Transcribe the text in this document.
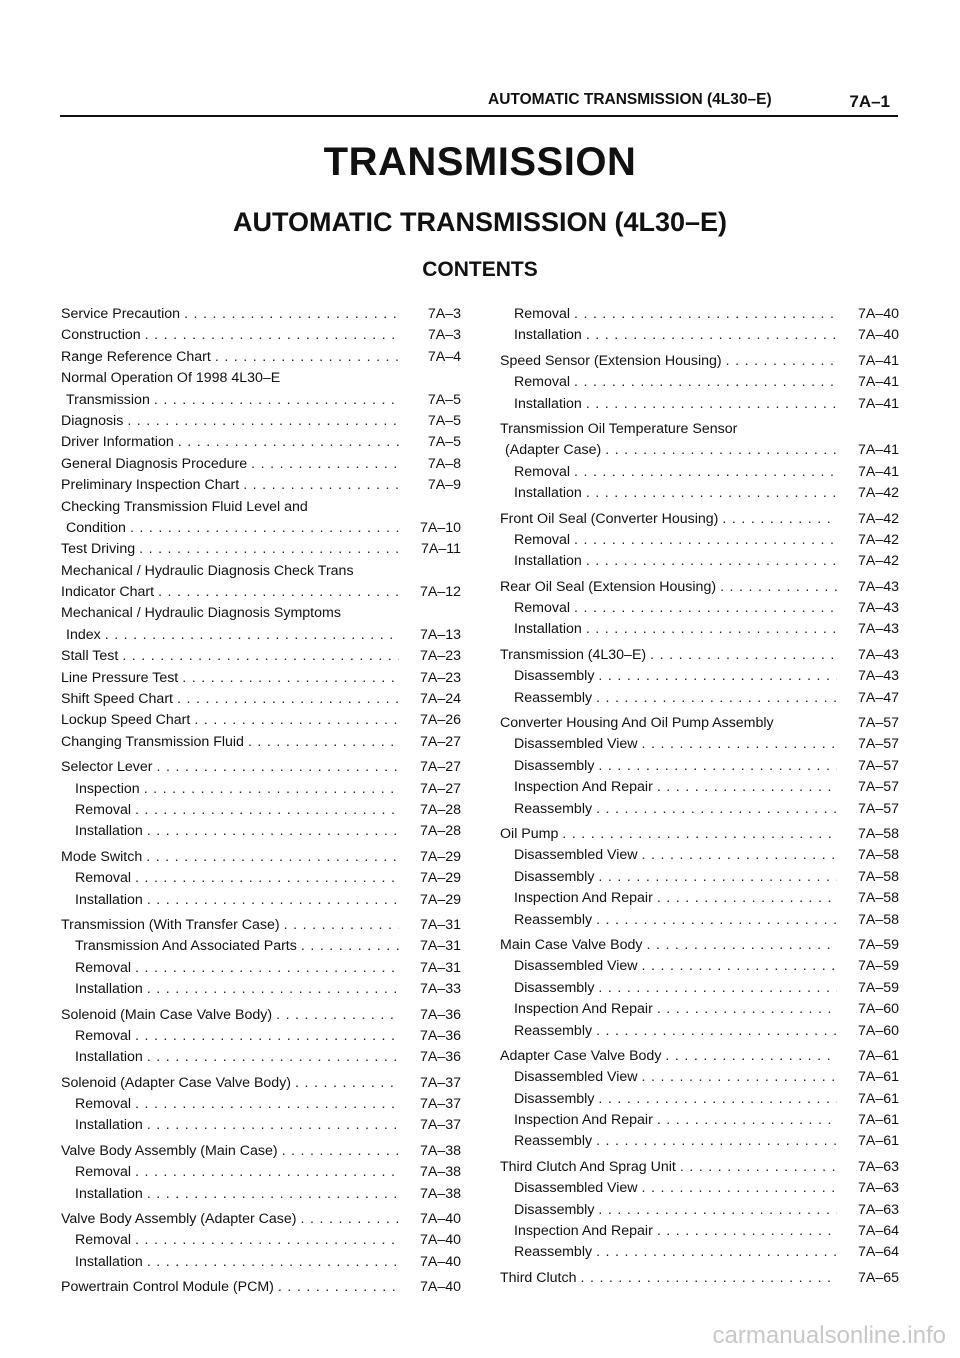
AUTOMATIC TRANSMISSION (4L30–E)	7A–1
TRANSMISSION
AUTOMATIC TRANSMISSION (4L30–E)
CONTENTS
Service Precaution . . .	7A–3
Construction . . .	7A–3
Range Reference Chart . . .	7A–4
Normal Operation Of 1998 4L30–E
Transmission . . .	7A–5
Diagnosis . . .	7A–5
Driver Information . . .	7A–5
General Diagnosis Procedure . . .	7A–8
Preliminary Inspection Chart . . .	7A–9
Checking Transmission Fluid Level and
Condition . . .	7A–10
Test Driving . . .	7A–11
Mechanical / Hydraulic Diagnosis Check Trans
Indicator Chart . . .	7A–12
Mechanical / Hydraulic Diagnosis Symptoms
Index . . .	7A–13
Stall Test . . .	7A–23
Line Pressure Test . . .	7A–23
Shift Speed Chart . . .	7A–24
Lockup Speed Chart . . .	7A–26
Changing Transmission Fluid . . .	7A–27
Selector Lever . . .	7A–27
Inspection . . .	7A–27
Removal . . .	7A–28
Installation . . .	7A–28
Mode Switch . . .	7A–29
Removal . . .	7A–29
Installation . . .	7A–29
Transmission (With Transfer Case) . . .	7A–31
Transmission And Associated Parts . . .	7A–31
Removal . . .	7A–31
Installation . . .	7A–33
Solenoid (Main Case Valve Body) . . .	7A–36
Removal . . .	7A–36
Installation . . .	7A–36
Solenoid (Adapter Case Valve Body) . . .	7A–37
Removal . . .	7A–37
Installation . . .	7A–37
Valve Body Assembly (Main Case) . . .	7A–38
Removal . . .	7A–38
Installation . . .	7A–38
Valve Body Assembly (Adapter Case) . . .	7A–40
Removal . . .	7A–40
Installation . . .	7A–40
Powertrain Control Module (PCM) . . .	7A–40
Removal . . .	7A–40
Installation . . .	7A–40
Speed Sensor (Extension Housing) . . .	7A–41
Removal . . .	7A–41
Installation . . .	7A–41
Transmission Oil Temperature Sensor
(Adapter Case) . . .	7A–41
Removal . . .	7A–41
Installation . . .	7A–42
Front Oil Seal (Converter Housing) . . .	7A–42
Removal . . .	7A–42
Installation . . .	7A–42
Rear Oil Seal (Extension Housing) . . .	7A–43
Removal . . .	7A–43
Installation . . .	7A–43
Transmission (4L30–E) . . .	7A–43
Disassembly . . .	7A–43
Reassembly . . .	7A–47
Converter Housing And Oil Pump Assembly	7A–57
Disassembled View . . .	7A–57
Disassembly . . .	7A–57
Inspection And Repair . . .	7A–57
Reassembly . . .	7A–57
Oil Pump . . .	7A–58
Disassembled View . . .	7A–58
Disassembly . . .	7A–58
Inspection And Repair . . .	7A–58
Reassembly . . .	7A–58
Main Case Valve Body . . .	7A–59
Disassembled View . . .	7A–59
Disassembly . . .	7A–59
Inspection And Repair . . .	7A–60
Reassembly . . .	7A–60
Adapter Case Valve Body . . .	7A–61
Disassembled View . . .	7A–61
Disassembly . . .	7A–61
Inspection And Repair . . .	7A–61
Reassembly . . .	7A–61
Third Clutch And Sprag Unit . . .	7A–63
Disassembled View . . .	7A–63
Disassembly . . .	7A–63
Inspection And Repair . . .	7A–64
Reassembly . . .	7A–64
Third Clutch . . .	7A–65
carmanualsonline.info
